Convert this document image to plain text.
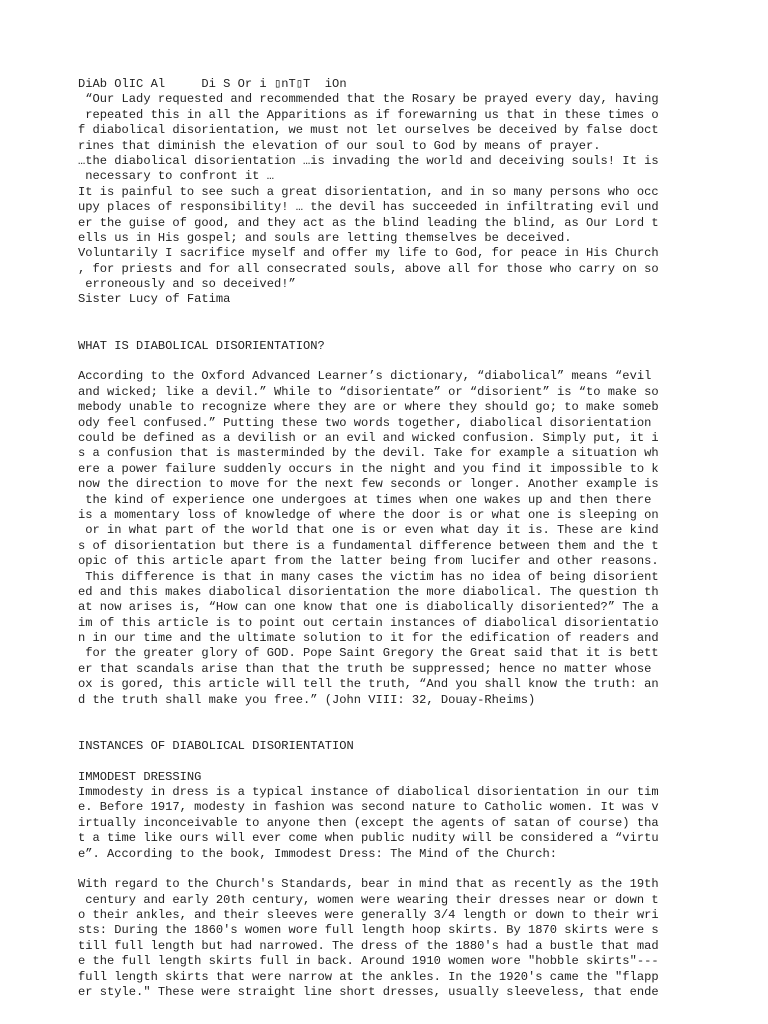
DiAb OlIC Al     Di S Or i ▯nT▯T  iOn
“Our Lady requested and recommended that the Rosary be prayed every day, having
repeated this in all the Apparitions as if forewarning us that in these times o
f diabolical disorientation, we must not let ourselves be deceived by false doct
rines that diminish the elevation of our soul to God by means of prayer.
…the diabolical disorientation …is invading the world and deceiving souls! It is
necessary to confront it …
It is painful to see such a great disorientation, and in so many persons who occ
upy places of responsibility! … the devil has succeeded in infiltrating evil und
er the guise of good, and they act as the blind leading the blind, as Our Lord t
ells us in His gospel; and souls are letting themselves be deceived.
Voluntarily I sacrifice myself and offer my life to God, for peace in His Church
, for priests and for all consecrated souls, above all for those who carry on so
erroneously and so deceived!”
Sister Lucy of Fatima
WHAT IS DIABOLICAL DISORIENTATION?
According to the Oxford Advanced Learner’s dictionary, “diabolical” means “evil
and wicked; like a devil.” While to “disorientate” or “disorient” is “to make so
mebody unable to recognize where they are or where they should go; to make someb
ody feel confused.” Putting these two words together, diabolical disorientation
could be defined as a devilish or an evil and wicked confusion. Simply put, it i
s a confusion that is masterminded by the devil. Take for example a situation wh
ere a power failure suddenly occurs in the night and you find it impossible to k
now the direction to move for the next few seconds or longer. Another example is
the kind of experience one undergoes at times when one wakes up and then there
is a momentary loss of knowledge of where the door is or what one is sleeping on
or in what part of the world that one is or even what day it is. These are kind
s of disorientation but there is a fundamental difference between them and the t
opic of this article apart from the latter being from lucifer and other reasons.
This difference is that in many cases the victim has no idea of being disorient
ed and this makes diabolical disorientation the more diabolical. The question th
at now arises is, “How can one know that one is diabolically disoriented?” The a
im of this article is to point out certain instances of diabolical disorientatio
n in our time and the ultimate solution to it for the edification of readers and
for the greater glory of GOD. Pope Saint Gregory the Great said that it is bett
er that scandals arise than that the truth be suppressed; hence no matter whose
ox is gored, this article will tell the truth, “And you shall know the truth: an
d the truth shall make you free.” (John VIII: 32, Douay-Rheims)
INSTANCES OF DIABOLICAL DISORIENTATION
IMMODEST DRESSING
Immodesty in dress is a typical instance of diabolical disorientation in our tim
e. Before 1917, modesty in fashion was second nature to Catholic women. It was v
irtually inconceivable to anyone then (except the agents of satan of course) tha
t a time like ours will ever come when public nudity will be considered a “virtu
e”. According to the book, Immodest Dress: The Mind of the Church:
With regard to the Church's Standards, bear in mind that as recently as the 19th
century and early 20th century, women were wearing their dresses near or down t
o their ankles, and their sleeves were generally 3/4 length or down to their wri
sts: During the 1860's women wore full length hoop skirts. By 1870 skirts were s
till full length but had narrowed. The dress of the 1880's had a bustle that mad
e the full length skirts full in back. Around 1910 women wore "hobble skirts"---
full length skirts that were narrow at the ankles. In the 1920's came the "flapp
er style." These were straight line short dresses, usually sleeveless, that ende
